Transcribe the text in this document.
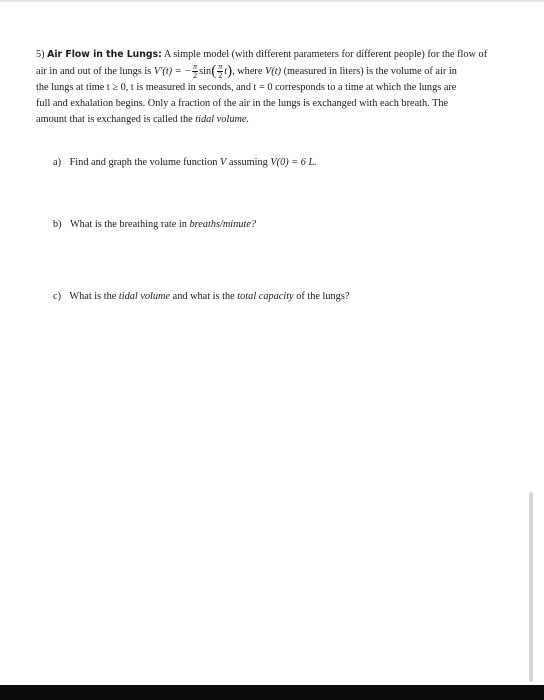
5) Air Flow in the Lungs: A simple model (with different parameters for different people) for the flow of

air in and out of the lungs is V′(t) = − $\frac{\pi}{2} \sin( \frac{\pi}{2} t)$, where V(t) (measured in liters) is the volume of air in

the lungs at time t ≥ 0, t is measured in seconds, and t = 0 corresponds to a time at which the lungs are

full and exhalation begins. Only a fraction of the air in the lungs is exchanged with each breath. The

amount that is exchanged is called the tidal volume.

a) Find and graph the volume function V assuming V(0) = 6 L.
b) What is the breathing rate in breaths/minute?
c) What is the tidal volume and what is the total capacity of the lungs?
